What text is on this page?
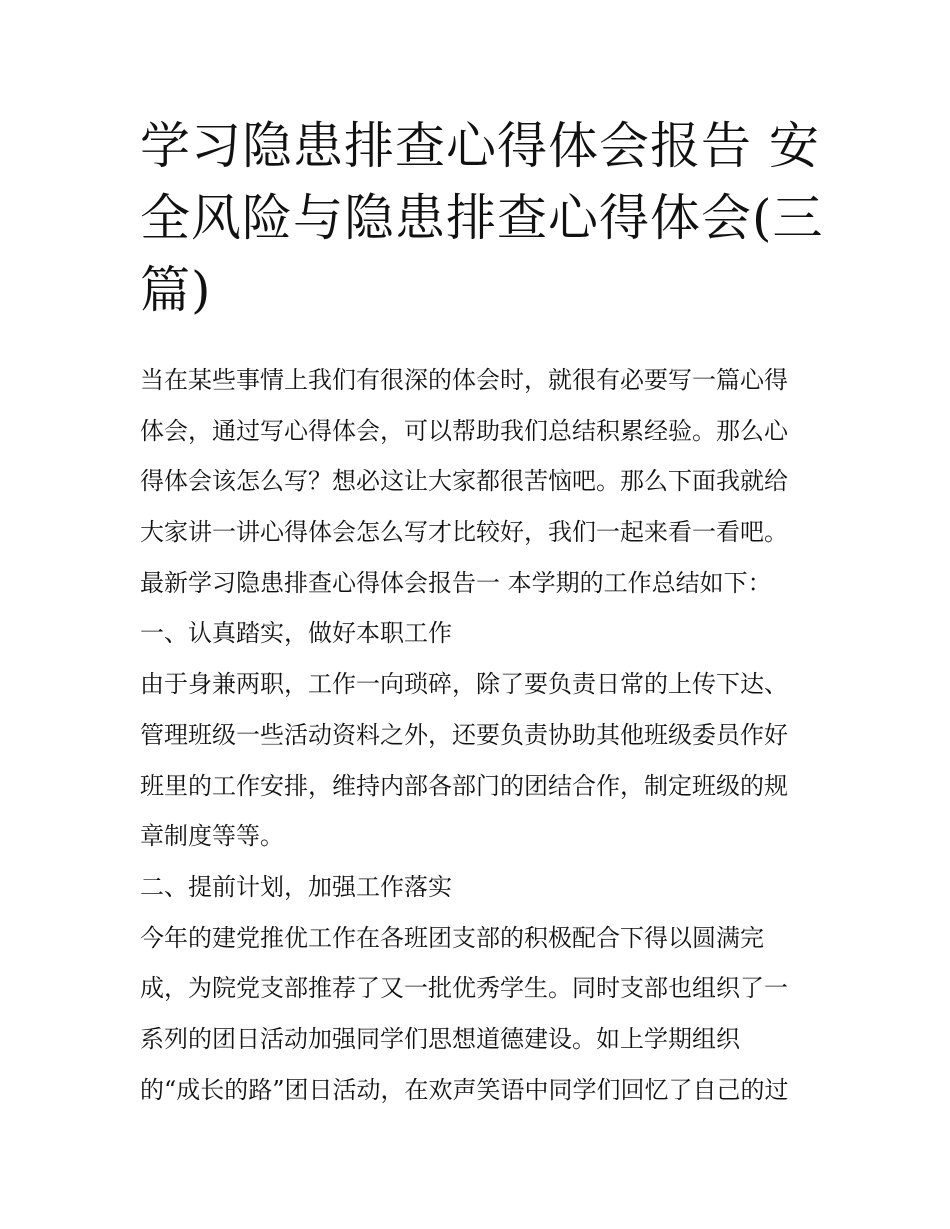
学习隐患排查心得体会报告 安
全风险与隐患排查心得体会(三
篇)
当在某些事情上我们有很深的体会时，就很有必要写一篇心得
体会，通过写心得体会，可以帮助我们总结积累经验。那么心
得体会该怎么写？想必这让大家都很苦恼吧。那么下面我就给
大家讲一讲心得体会怎么写才比较好，我们一起来看一看吧。
最新学习隐患排查心得体会报告一 本学期的工作总结如下：
一、认真踏实，做好本职工作
由于身兼两职，工作一向琐碎，除了要负责日常的上传下达、
管理班级一些活动资料之外，还要负责协助其他班级委员作好
班里的工作安排，维持内部各部门的团结合作，制定班级的规
章制度等等。
二、提前计划，加强工作落实
今年的建党推优工作在各班团支部的积极配合下得以圆满完
成，为院党支部推荐了又一批优秀学生。同时支部也组织了一
系列的团日活动加强同学们思想道德建设。如上学期组织
的“成长的路”团日活动，在欢声笑语中同学们回忆了自己的过
